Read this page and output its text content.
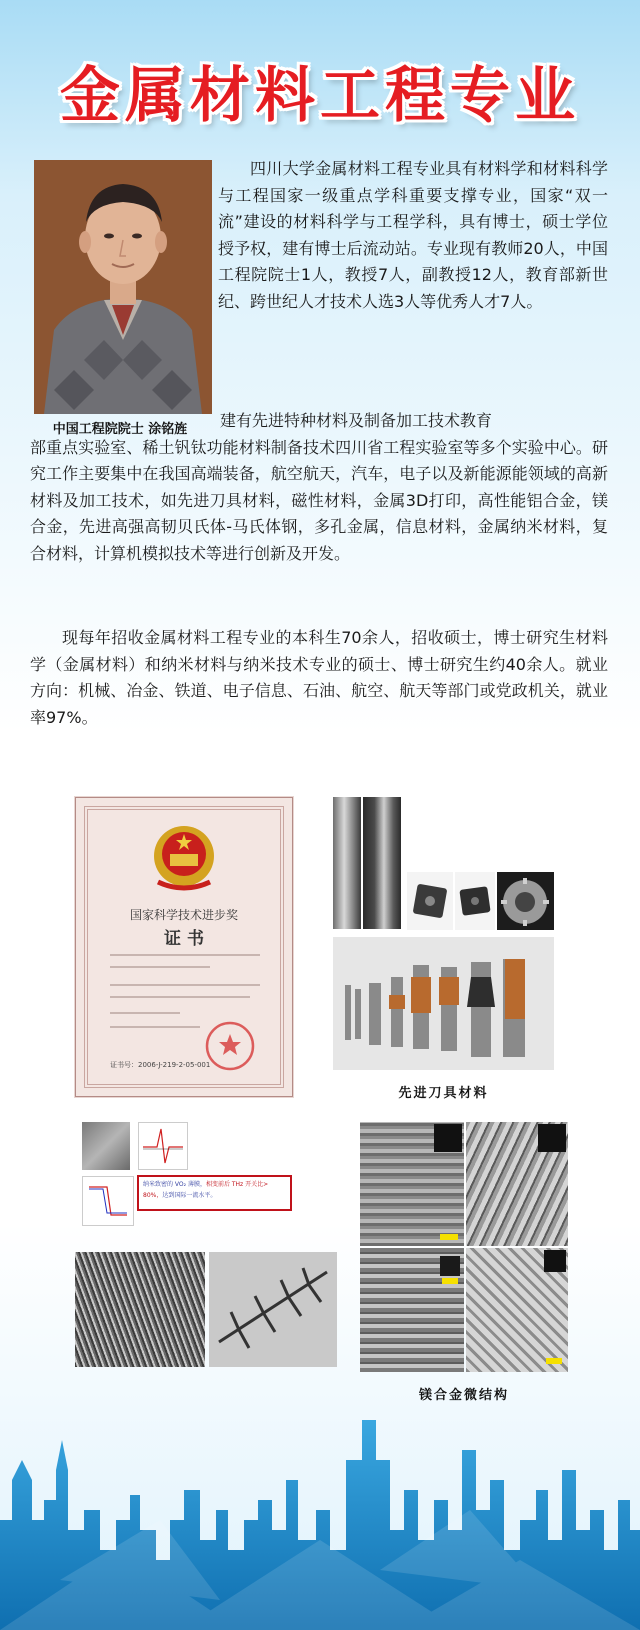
金属材料工程专业
中国工程院院士 涂铭旌

四川大学金属材料工程专业具有材料学和材料科学与工程国家一级重点学科重要支撑专业，国家“双一流”建设的材料科学与工程学科，具有博士，硕士学位授予权，建有博士后流动站。专业现有教师20人，中国工程院院士1人，教授7人，副教授12人，教育部新世纪、跨世纪人才技术人选3人等优秀人才7人。

建有先进特种材料及制备加工技术教育
部重点实验室、稀土钒钛功能材料制备技术四川省工程实验室等多个实验中心。研究工作主要集中在我国高端装备，航空航天，汽车，电子以及新能源能领域的高新材料及加工技术，如先进刀具材料，磁性材料，金属3D打印，高性能铝合金，镁合金，先进高强高韧贝氏体-马氏体钢，多孔金属，信息材料，金属纳米材料，复合材料，计算机模拟技术等进行创新及开发。

现每年招收金属材料工程专业的本科生70余人，招收硕士，博士研究生材料学（金属材料）和纳米材料与纳米技术专业的硕士、博士研究生约40余人。就业方向：机械、冶金、铁道、电子信息、石油、航空、航天等部门或党政机关，就业率97%。

国家科学技术进步奖
证 书
证书号：2006-J-219-2-05-001
先进刀具材料
纳米致密的 VO₂ 薄膜，相变前后 THz 开关比>
80%，达到国际一流水平。
镁合金微结构
